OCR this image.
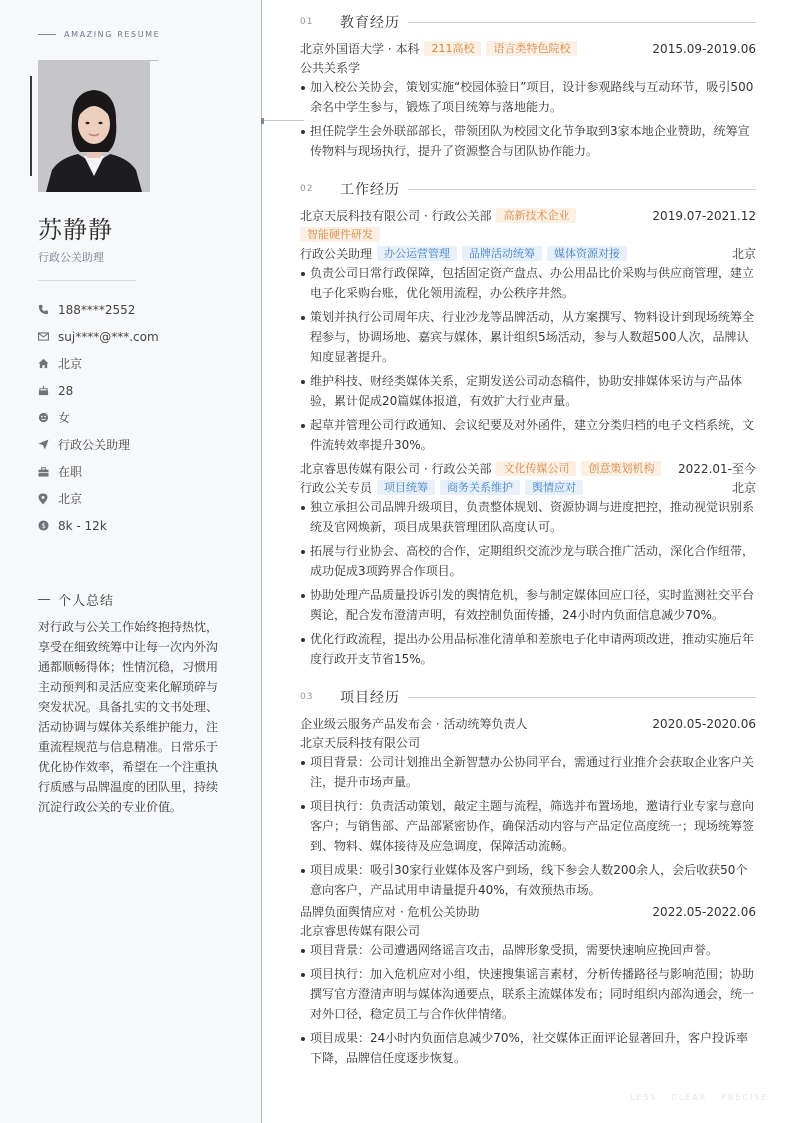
AMAZING RESUME
苏静静
行政公关助理
188****2552
suj****@***.com
北京
28
女
行政公关助理
在职
北京
$ 8k - 12k
个人总结

对行政与公关工作始终抱持热忱，享受在细致统筹中让每一次内外沟通都顺畅得体；性情沉稳，习惯用主动预判和灵活应变来化解琐碎与突发状况。具备扎实的文书处理、活动协调与媒体关系维护能力，注重流程规范与信息精准。日常乐于优化协作效率，希望在一个注重执行质感与品牌温度的团队里，持续沉淀行政公关的专业价值。

01	教育经历
北京外国语大学 · 本科	211高校	语言类特色院校	2015.09-2019.06
公共关系学
加入校公关协会，策划实施“校园体验日”项目，设计参观路线与互动环节，吸引500余名中学生参与，锻炼了项目统筹与落地能力。
担任院学生会外联部部长，带领团队为校园文化节争取到3家本地企业赞助，统筹宣传物料与现场执行，提升了资源整合与团队协作能力。
02	工作经历
北京天辰科技有限公司 · 行政公关部	高新技术企业	2019.07-2021.12
智能硬件研发
行政公关助理	办公运营管理	品牌活动统筹	媒体资源对接	北京
负责公司日常行政保障，包括固定资产盘点、办公用品比价采购与供应商管理，建立电子化采购台账，优化领用流程，办公秩序井然。
策划并执行公司周年庆、行业沙龙等品牌活动，从方案撰写、物料设计到现场统筹全程参与，协调场地、嘉宾与媒体，累计组织5场活动，参与人数超500人次，品牌认知度显著提升。
维护科技、财经类媒体关系，定期发送公司动态稿件，协助安排媒体采访与产品体验，累计促成20篇媒体报道，有效扩大行业声量。
起草并管理公司行政通知、会议纪要及对外函件，建立分类归档的电子文档系统，文件流转效率提升30%。
北京睿思传媒有限公司 · 行政公关部	文化传媒公司	创意策划机构	2022.01-至今
行政公关专员	项目统筹	商务关系维护	舆情应对	北京
独立承担公司品牌升级项目，负责整体规划、资源协调与进度把控，推动视觉识别系统及官网焕新，项目成果获管理团队高度认可。
拓展与行业协会、高校的合作，定期组织交流沙龙与联合推广活动，深化合作纽带，成功促成3项跨界合作项目。
协助处理产品质量投诉引发的舆情危机，参与制定媒体回应口径，实时监测社交平台舆论，配合发布澄清声明，有效控制负面传播，24小时内负面信息减少70%。
优化行政流程，提出办公用品标准化清单和差旅电子化申请两项改进，推动实施后年度行政开支节省15%。
03	项目经历
企业级云服务产品发布会 · 活动统筹负责人	2020.05-2020.06
北京天辰科技有限公司
项目背景：公司计划推出全新智慧办公协同平台，需通过行业推介会获取企业客户关注，提升市场声量。
项目执行：负责活动策划，敲定主题与流程，筛选并布置场地，邀请行业专家与意向客户；与销售部、产品部紧密协作，确保活动内容与产品定位高度统一；现场统筹签到、物料、媒体接待及应急调度，保障活动流畅。
项目成果：吸引30家行业媒体及客户到场，线下参会人数200余人，会后收获50个意向客户，产品试用申请量提升40%，有效预热市场。
品牌负面舆情应对 · 危机公关协助	2022.05-2022.06
北京睿思传媒有限公司
项目背景：公司遭遇网络谣言攻击，品牌形象受损，需要快速响应挽回声誉。
项目执行：加入危机应对小组，快速搜集谣言素材，分析传播路径与影响范围；协助撰写官方澄清声明与媒体沟通要点，联系主流媒体发布；同时组织内部沟通会，统一对外口径，稳定员工与合作伙伴情绪。
项目成果：24小时内负面信息减少70%，社交媒体正面评论显著回升，客户投诉率下降，品牌信任度逐步恢复。
LESS · CLEAR · PRECISE
